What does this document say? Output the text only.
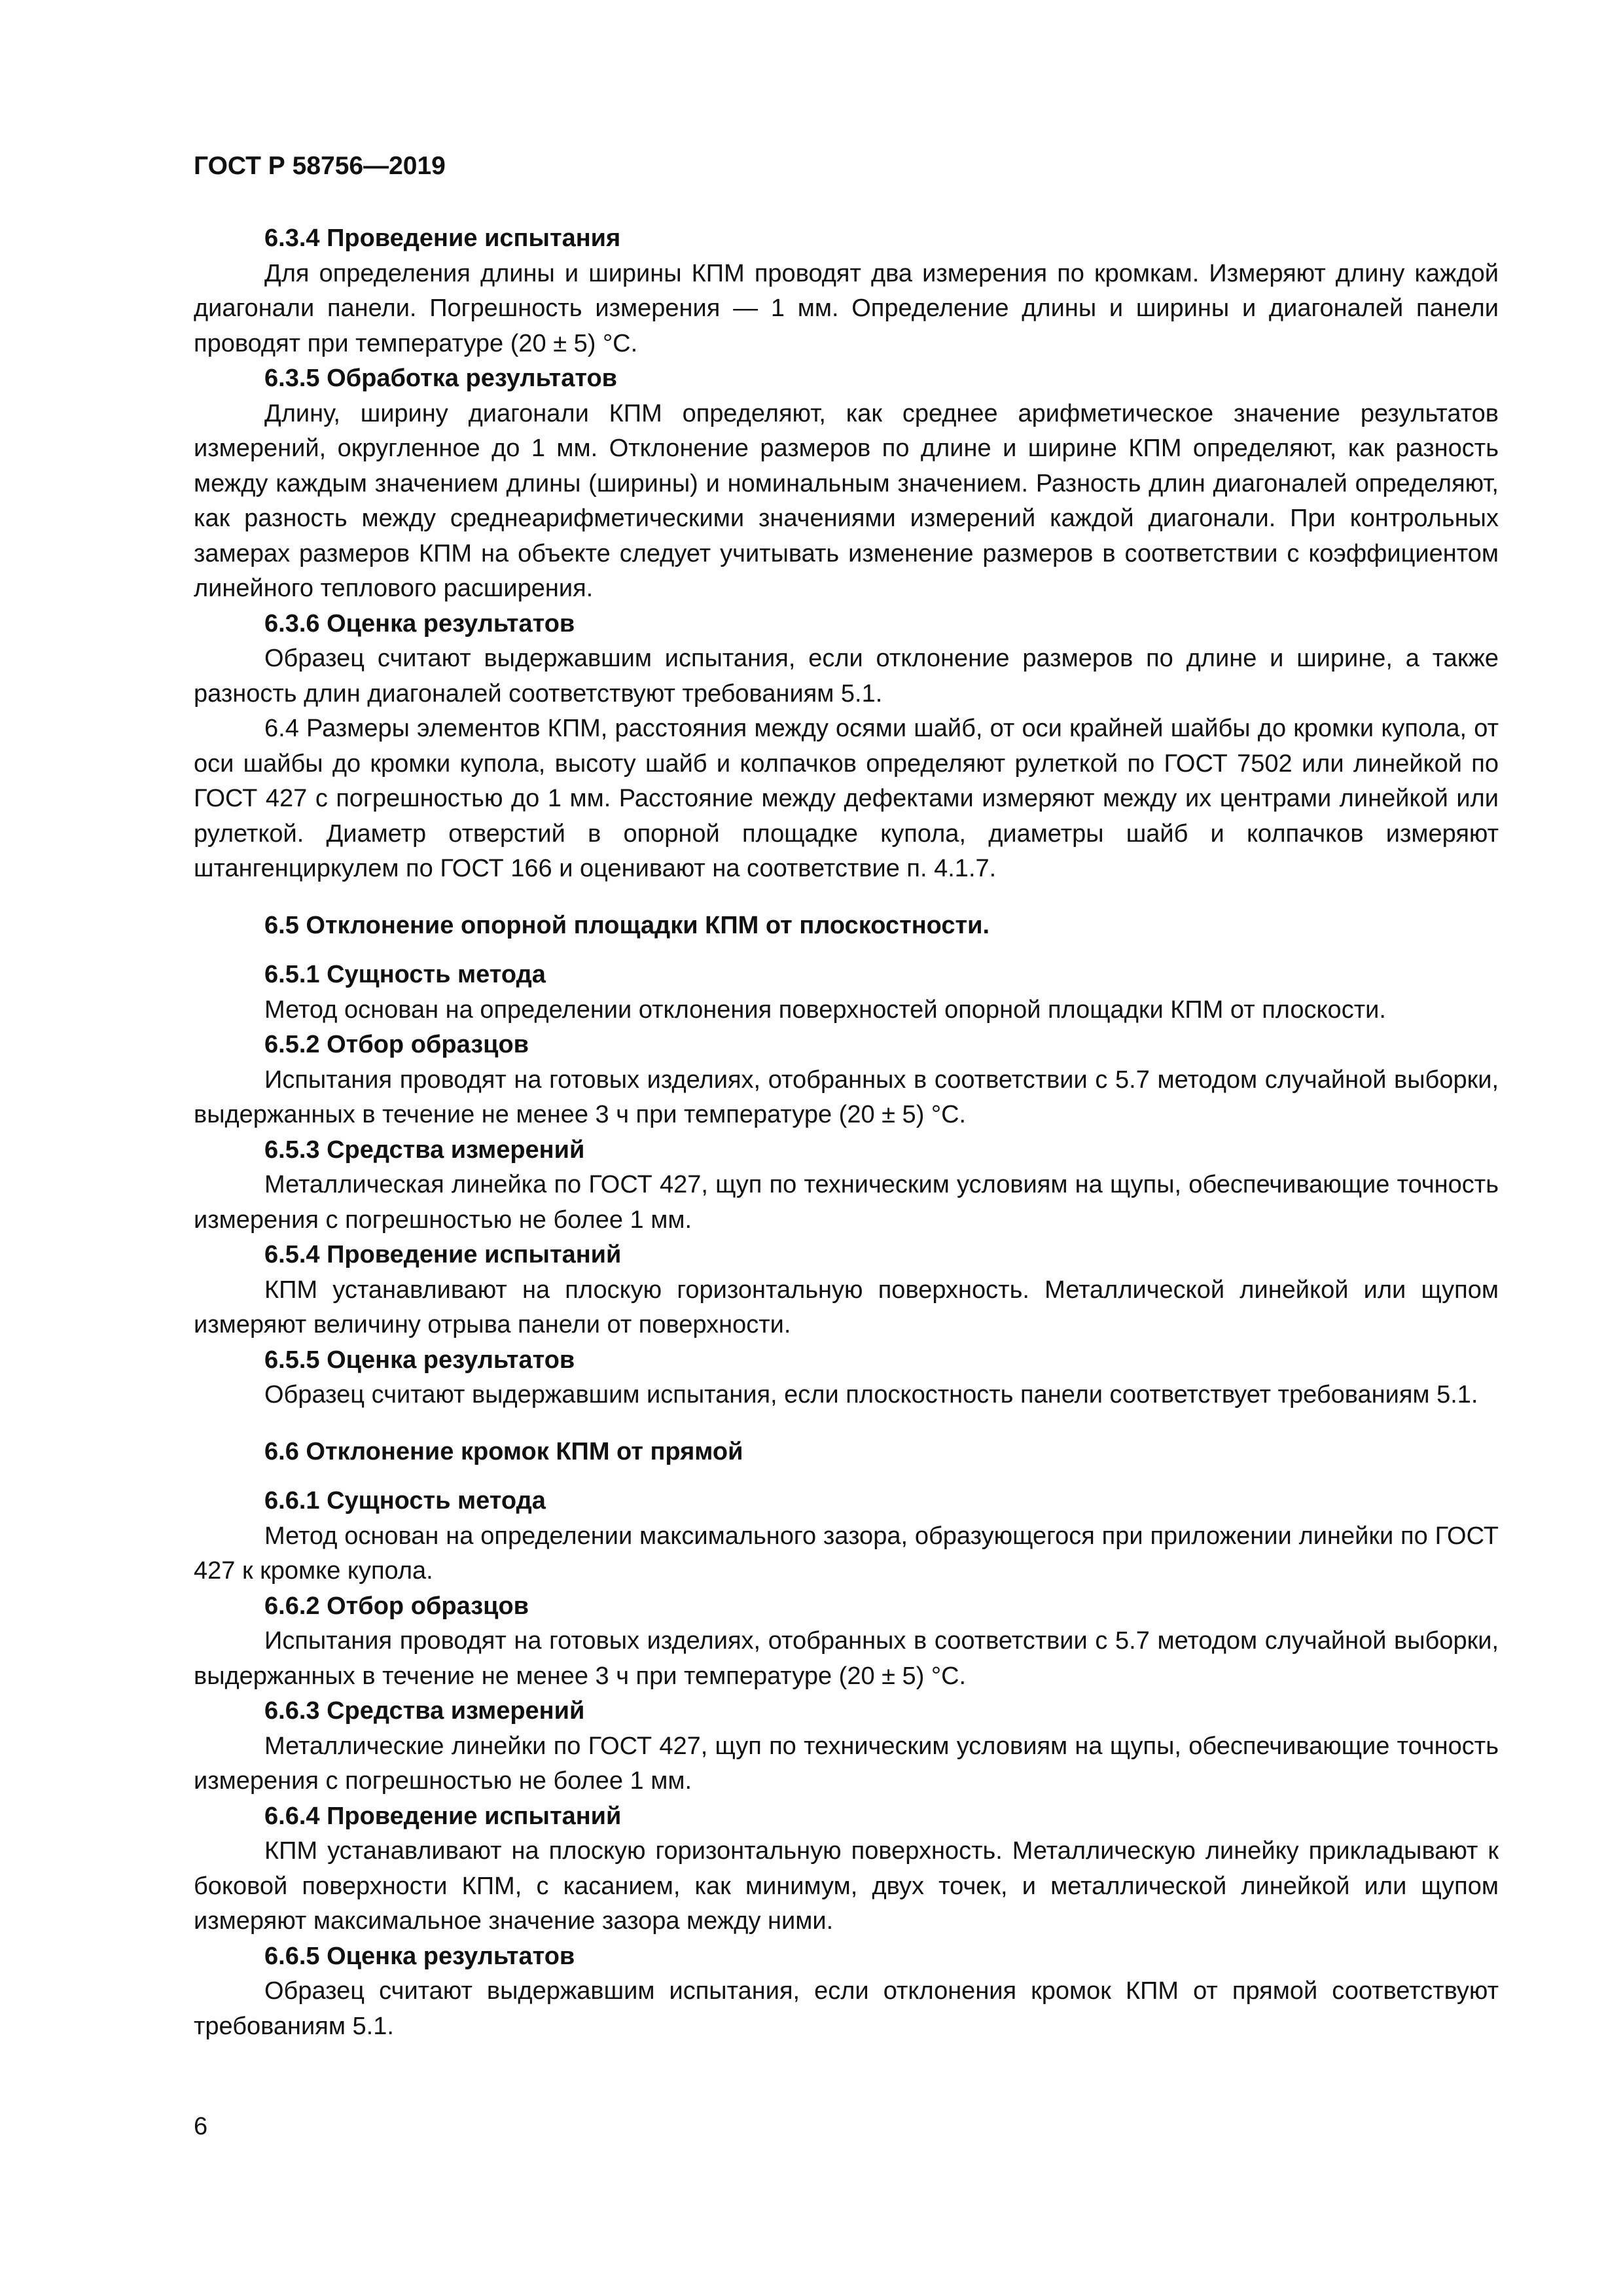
ГОСТ Р 58756—2019
6.3.4 Проведение испытания

Для определения длины и ширины КПМ проводят два измерения по кромкам. Измеряют длину каждой диагонали панели. Погрешность измерения — 1 мм. Определение длины и ширины и диагоналей панели проводят при температуре (20 ± 5) °С.

6.3.5 Обработка результатов

Длину, ширину диагонали КПМ определяют, как среднее арифметическое значение результатов измерений, округленное до 1 мм. Отклонение размеров по длине и ширине КПМ определяют, как разность между каждым значением длины (ширины) и номинальным значением. Разность длин диагоналей определяют, как разность между среднеарифметическими значениями измерений каждой диагонали. При контрольных замерах размеров КПМ на объекте следует учитывать изменение размеров в соответствии с коэффициентом линейного теплового расширения.

6.3.6 Оценка результатов

Образец считают выдержавшим испытания, если отклонение размеров по длине и ширине, а также разность длин диагоналей соответствуют требованиям 5.1.

6.4 Размеры элементов КПМ, расстояния между осями шайб, от оси крайней шайбы до кромки купола, от оси шайбы до кромки купола, высоту шайб и колпачков определяют рулеткой по ГОСТ 7502 или линейкой по ГОСТ 427 с погрешностью до 1 мм. Расстояние между дефектами измеряют между их центрами линейкой или рулеткой. Диаметр отверстий в опорной площадке купола, диаметры шайб и колпачков измеряют штангенциркулем по ГОСТ 166 и оценивают на соответствие п. 4.1.7.

6.5 Отклонение опорной площадки КПМ от плоскостности.
6.5.1 Сущность метода

Метод основан на определении отклонения поверхностей опорной площадки КПМ от плоскости.

6.5.2 Отбор образцов

Испытания проводят на готовых изделиях, отобранных в соответствии с 5.7 методом случайной выборки, выдержанных в течение не менее 3 ч при температуре (20 ± 5) °С.

6.5.3 Средства измерений

Металлическая линейка по ГОСТ 427, щуп по техническим условиям на щупы, обеспечивающие точность измерения с погрешностью не более 1 мм.

6.5.4 Проведение испытаний

КПМ устанавливают на плоскую горизонтальную поверхность. Металлической линейкой или щупом измеряют величину отрыва панели от поверхности.

6.5.5 Оценка результатов

Образец считают выдержавшим испытания, если плоскостность панели соответствует требованиям 5.1.

6.6 Отклонение кромок КПМ от прямой
6.6.1 Сущность метода

Метод основан на определении максимального зазора, образующегося при приложении линейки по ГОСТ 427 к кромке купола.

6.6.2 Отбор образцов

Испытания проводят на готовых изделиях, отобранных в соответствии с 5.7 методом случайной выборки, выдержанных в течение не менее 3 ч при температуре (20 ± 5) °С.

6.6.3 Средства измерений

Металлические линейки по ГОСТ 427, щуп по техническим условиям на щупы, обеспечивающие точность измерения с погрешностью не более 1 мм.

6.6.4 Проведение испытаний

КПМ устанавливают на плоскую горизонтальную поверхность. Металлическую линейку прикладывают к боковой поверхности КПМ, с касанием, как минимум, двух точек, и металлической линейкой или щупом измеряют максимальное значение зазора между ними.

6.6.5 Оценка результатов

Образец считают выдержавшим испытания, если отклонения кромок КПМ от прямой соответствуют требованиям 5.1.

6
